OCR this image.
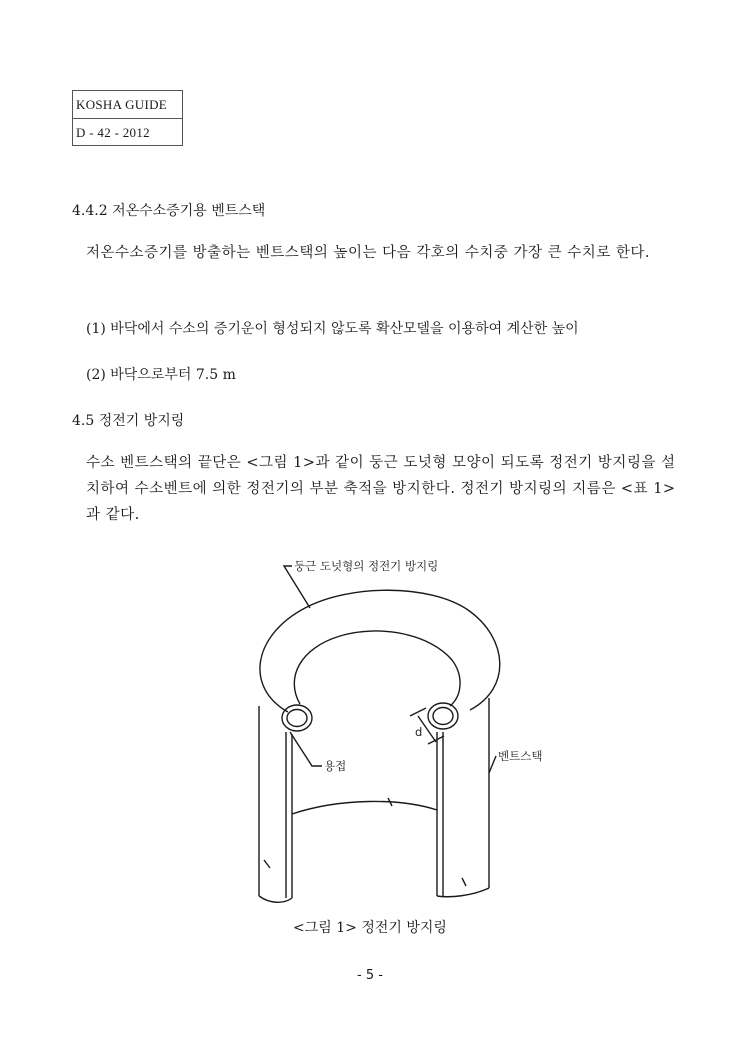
KOSHA GUIDE
D - 42 - 2012
4.4.2 저온수소증기용 벤트스택
저온수소증기를 방출하는 벤트스택의 높이는 다음 각호의 수치중 가장 큰 수치로 한다.
(1) 바닥에서 수소의 증기운이 형성되지 않도록 확산모델을 이용하여 계산한 높이
(2) 바닥으로부터 7.5 m
4.5 정전기 방지링
수소 벤트스택의 끝단은 <그림 1>과 같이 둥근 도넛형 모양이 되도록 정전기 방지링을 설치하여 수소벤트에 의한 정전기의 부분 축적을 방지한다. 정전기 방지링의 지름은 <표 1>과 같다.
둥근 도넛형의 정전기 방지링
용접
벤트스택
d
<그림 1> 정전기 방지링
- 5 -
